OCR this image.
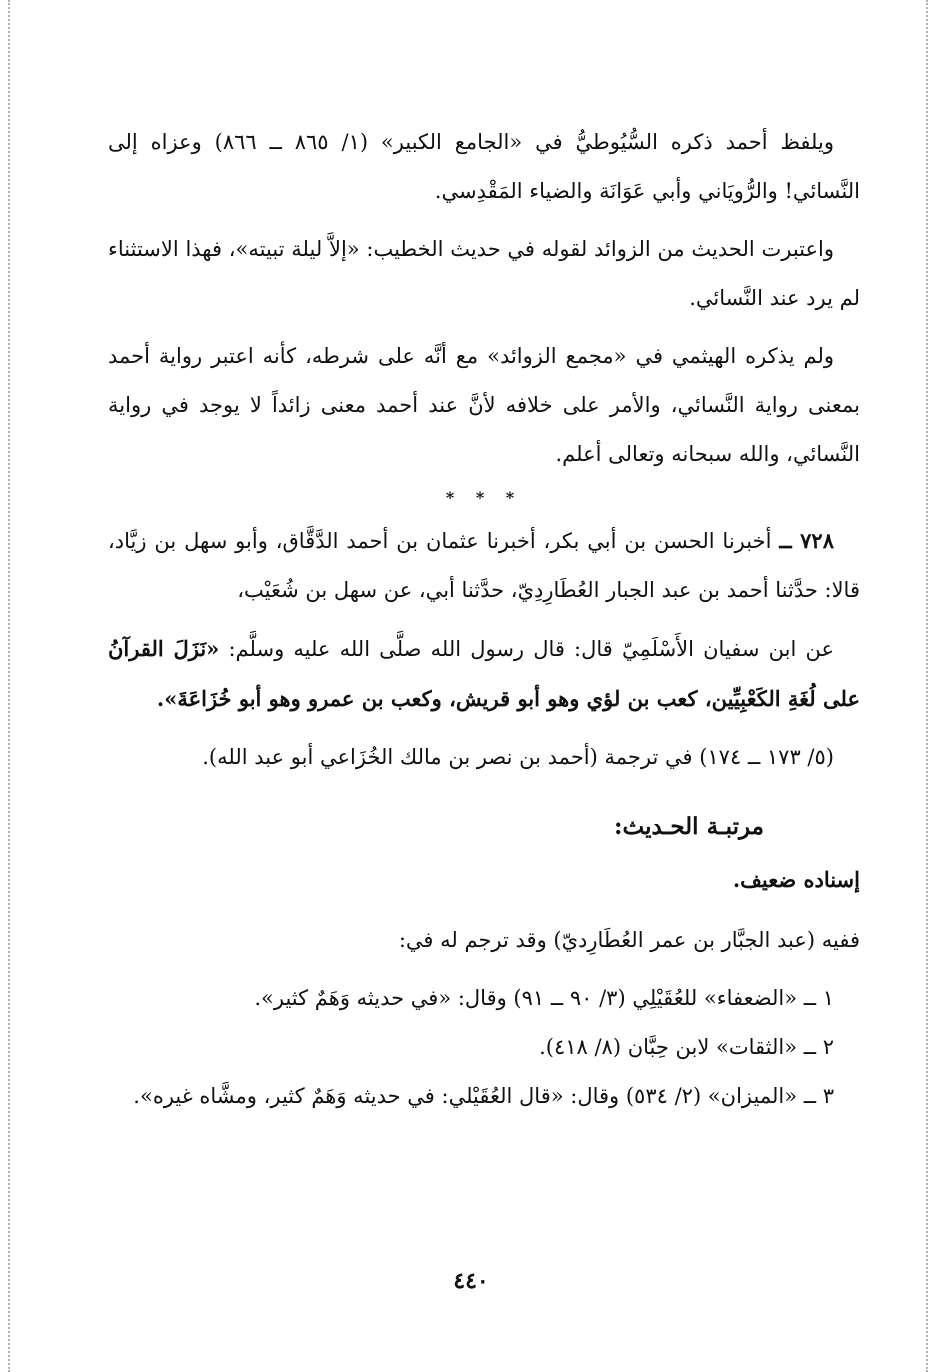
ويلفظ أحمد ذكره السُّيُوطيُّ في «الجامع الكبير» (١/ ٨٦٥ ــ ٨٦٦) وعزاه إلى النَّسائي! والرُّويَاني وأبي عَوَانَة والضياء المَقْدِسي.

واعتبرت الحديث من الزوائد لقوله في حديث الخطيب: «إلاَّ ليلة تبيته»، فهذا الاستثناء لم يرد عند النَّسائي.

ولم يذكره الهيثمي في «مجمع الزوائد» مع أنَّه على شرطه، كأنه اعتبر رواية أحمد بمعنى رواية النَّسائي، والأمر على خلافه لأنَّ عند أحمد معنى زائداً لا يوجد في رواية النَّسائي، والله سبحانه وتعالى أعلم.

* * *

٧٢٨ ــ أخبرنا الحسن بن أبي بكر، أخبرنا عثمان بن أحمد الدَّقَّاق، وأبو سهل بن زيَّاد، قالا: حدَّثنا أحمد بن عبد الجبار العُطَارِدِيّ، حدَّثنا أبي، عن سهل بن شُعَيْب،

عن ابن سفيان الأَسْلَمِيّ قال: قال رسول الله صلَّى الله عليه وسلَّم: «نَزَلَ القرآنُ على لُغَةِ الكَعْبِيِّين، كعب بن لؤي وهو أبو قريش، وكعب بن عمرو وهو أبو خُزَاعَةَ».

(٥/ ١٧٣ ــ ١٧٤) في ترجمة (أحمد بن نصر بن مالك الخُزَاعي أبو عبد الله).

مرتبـة الحـديث:

إسناده ضعيف.

ففيه (عبد الجبَّار بن عمر العُطَارِديّ) وقد ترجم له في:

١ ــ «الضعفاء» للعُقَيْلِي (٣/ ٩٠ ــ ٩١) وقال: «في حديثه وَهَمٌ كثير».

٢ ــ «الثقات» لابن حِبَّان (٨/ ٤١٨).

٣ ــ «الميزان» (٢/ ٥٣٤) وقال: «قال العُقَيْلي: في حديثه وَهَمٌ كثير، ومشَّاه غيره».

٤٤٠
